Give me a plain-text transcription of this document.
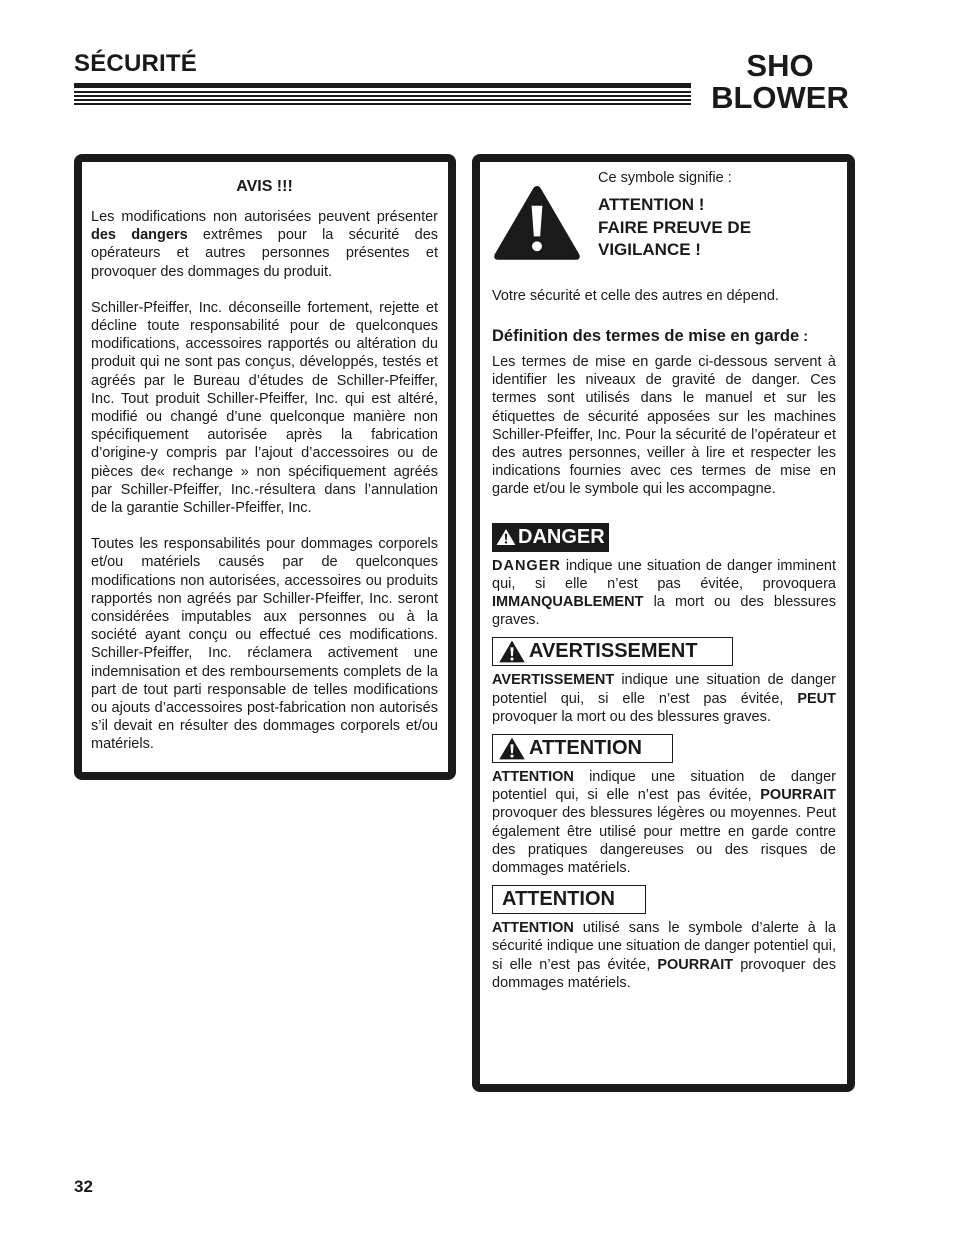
SÉCURITÉ	SHO
BLOWER

AVIS !!!

Les modifications non autorisées peuvent présenter des dangers extrêmes pour la sécurité des opérateurs et autres personnes présentes et provoquer des dommages du produit.

Schiller-Pfeiffer, Inc. déconseille fortement, rejette et décline toute responsabilité pour de quelconques modifications, accessoires rapportés ou altération du produit qui ne sont pas conçus, développés, testés et agréés par le Bureau d’études de Schiller-Pfeiffer, Inc. Tout produit Schiller-Pfeiffer, Inc. qui est altéré, modifié ou changé d’une quelconque manière non spécifiquement autorisée après la fabrication d’origine-y compris par l’ajout d’accessoires ou de pièces de« rechange » non spécifiquement agréés par Schiller-Pfeiffer, Inc.-résultera dans l’annulation de la garantie Schiller-Pfeiffer, Inc.

Toutes les responsabilités pour dommages corporels et/ou matériels causés par de quelconques modifications non autorisées, accessoires ou produits rapportés non agréés par Schiller-Pfeiffer, Inc. seront considérées imputables aux personnes ou à la société ayant conçu ou effectué ces modifications. Schiller-Pfeiffer, Inc. réclamera activement une indemnisation et des remboursements complets de la part de tout parti responsable de telles modifications ou ajouts d’accessoires post-fabrication non autorisés s’il devait en résulter des dommages corporels et/ou matériels.

Ce symbole signifie :

ATTENTION !

FAIRE PREUVE DE

VIGILANCE !

Votre sécurité et celle des autres en dépend.

Définition des termes de mise en garde :

Les termes de mise en garde ci-dessous servent à identifier les niveaux de gravité de danger. Ces termes sont utilisés dans le manuel et sur les étiquettes de sécurité apposées sur les machines Schiller-Pfeiffer, Inc. Pour la sécurité de l’opérateur et des autres personnes, veiller à lire et respecter les indications fournies avec ces termes de mise en garde et/ou le symbole qui les accompagne.

DANGER

DANGER indique une situation de danger imminent qui, si elle n’est pas évitée, provoquera IMMANQUABLEMENT la mort ou des blessures graves.

AVERTISSEMENT

AVERTISSEMENT indique une situation de danger potentiel qui, si elle n’est pas évitée, PEUT provoquer la mort ou des blessures graves.

ATTENTION

ATTENTION indique une situation de danger potentiel qui, si elle n’est pas évitée, POURRAIT provoquer des blessures légères ou moyennes. Peut également être utilisé pour mettre en garde contre des pratiques dangereuses ou des risques de dommages matériels.

ATTENTION

ATTENTION utilisé sans le symbole d’alerte à la sécurité indique une situation de danger potentiel qui, si elle n’est pas évitée, POURRAIT provoquer des dommages matériels.

32
